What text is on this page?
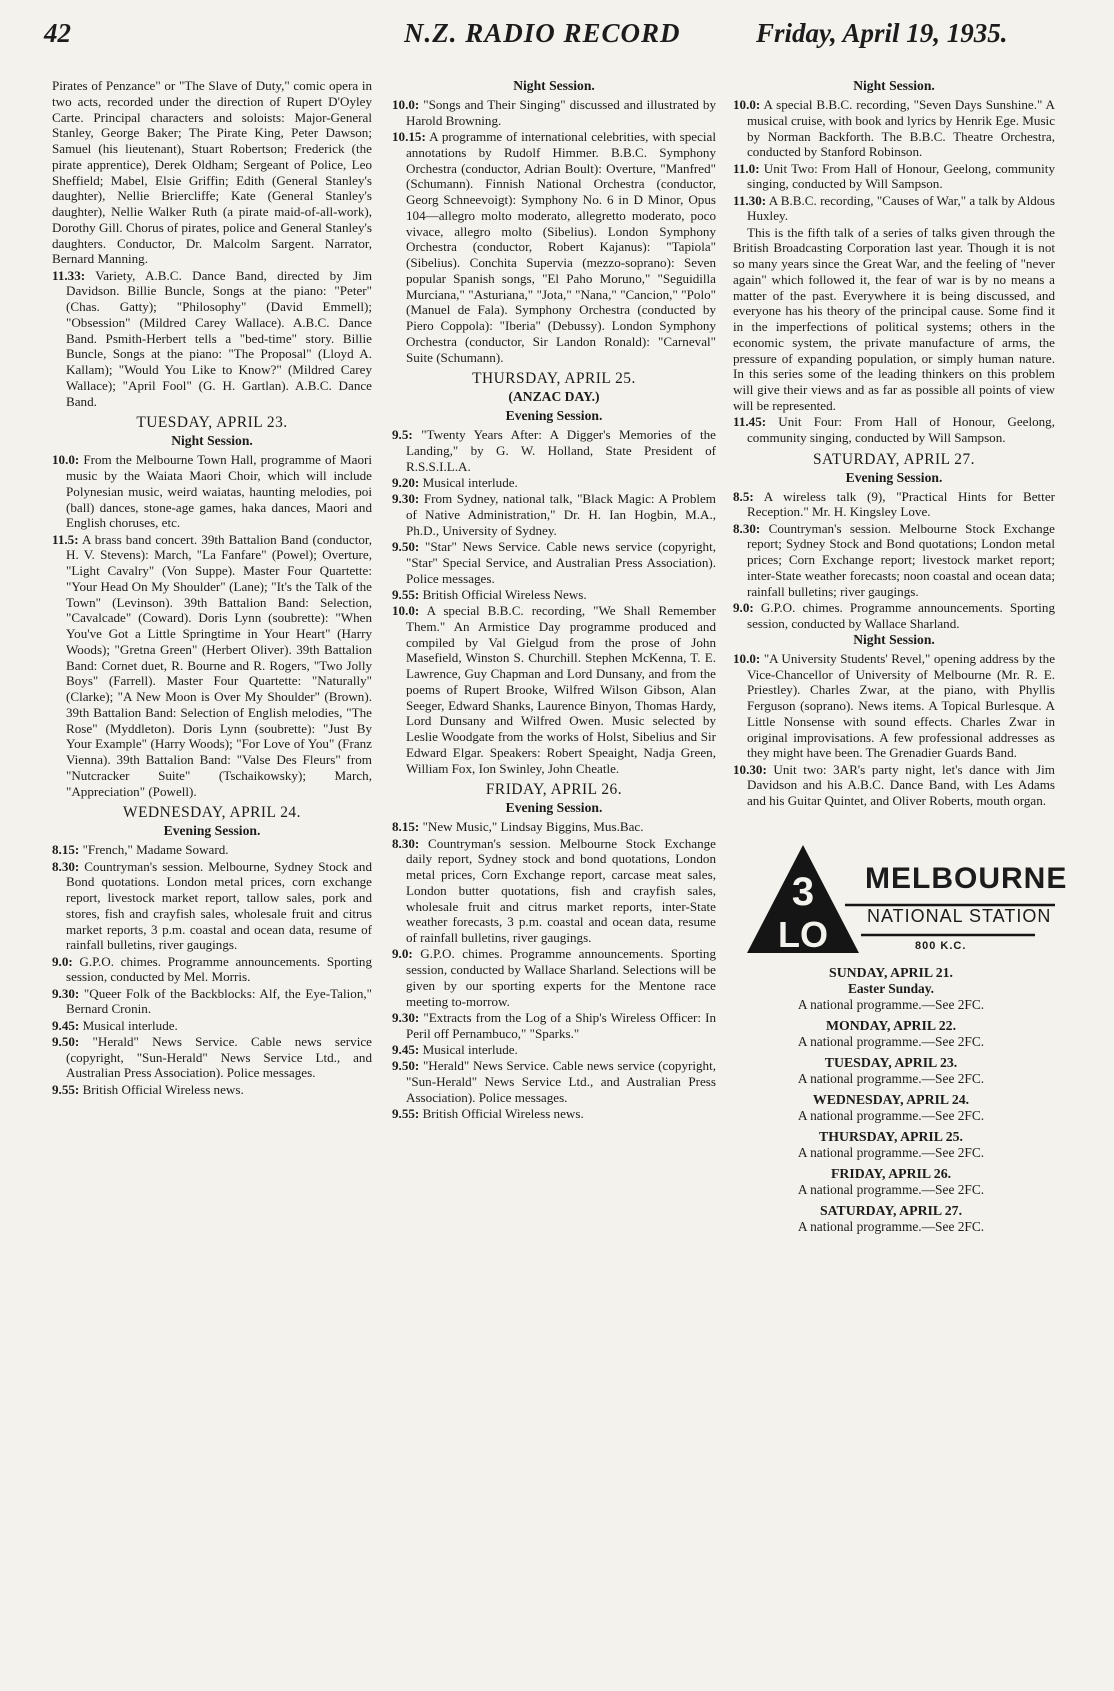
42	N.Z. RADIO RECORD	Friday, April 19, 1935.

Pirates of Penzance" or "The Slave of Duty," comic opera in two acts, recorded under the direction of Rupert D'Oyley Carte. Principal characters and soloists: Major-General Stanley, George Baker; The Pirate King, Peter Dawson; Samuel (his lieutenant), Stuart Robertson; Frederick (the pirate apprentice), Derek Oldham; Sergeant of Police, Leo Sheffield; Mabel, Elsie Griffin; Edith (General Stanley's daughter), Nellie Briercliffe; Kate (General Stanley's daughter), Nellie Walker Ruth (a pirate maid-of-all-work), Dorothy Gill. Chorus of pirates, police and General Stanley's daughters. Conductor, Dr. Malcolm Sargent. Narrator, Bernard Manning.

11.33: Variety, A.B.C. Dance Band, directed by Jim Davidson. Billie Buncle, Songs at the piano: "Peter" (Chas. Gatty); "Philosophy" (David Emmell); "Obsession" (Mildred Carey Wallace). A.B.C. Dance Band. Psmith-Herbert tells a "bed-time" story. Billie Buncle, Songs at the piano: "The Proposal" (Lloyd A. Kallam); "Would You Like to Know?" (Mildred Carey Wallace); "April Fool" (G. H. Gartlan). A.B.C. Dance Band.

TUESDAY, APRIL 23.
Night Session.

10.0: From the Melbourne Town Hall, programme of Maori music by the Waiata Maori Choir, which will include Polynesian music, weird waiatas, haunting melodies, poi (ball) dances, stone-age games, haka dances, Maori and English choruses, etc.

11.5: A brass band concert. 39th Battalion Band (conductor, H. V. Stevens): March, "La Fanfare" (Powel); Overture, "Light Cavalry" (Von Suppe). Master Four Quartette: "Your Head On My Shoulder" (Lane); "It's the Talk of the Town" (Levinson). 39th Battalion Band: Selection, "Cavalcade" (Coward). Doris Lynn (soubrette): "When You've Got a Little Springtime in Your Heart" (Harry Woods); "Gretna Green" (Herbert Oliver). 39th Battalion Band: Cornet duet, R. Bourne and R. Rogers, "Two Jolly Boys" (Farrell). Master Four Quartette: "Naturally" (Clarke); "A New Moon is Over My Shoulder" (Brown). 39th Battalion Band: Selection of English melodies, "The Rose" (Myddleton). Doris Lynn (soubrette): "Just By Your Example" (Harry Woods); "For Love of You" (Franz Vienna). 39th Battalion Band: "Valse Des Fleurs" from "Nutcracker Suite" (Tschaikowsky); March, "Appreciation" (Powell).

WEDNESDAY, APRIL 24.
Evening Session.

8.15: "French," Madame Soward.

8.30: Countryman's session. Melbourne, Sydney Stock and Bond quotations. London metal prices, corn exchange report, livestock market report, tallow sales, pork and stores, fish and crayfish sales, wholesale fruit and citrus market reports, 3 p.m. coastal and ocean data, resume of rainfall bulletins, river gaugings.

9.0: G.P.O. chimes. Programme announcements. Sporting session, conducted by Mel. Morris.

9.30: "Queer Folk of the Backblocks: Alf, the Eye-Talion," Bernard Cronin.

9.45: Musical interlude.

9.50: "Herald" News Service. Cable news service (copyright, "Sun-Herald" News Service Ltd., and Australian Press Association). Police messages.

9.55: British Official Wireless news.

Night Session.

10.0: "Songs and Their Singing" discussed and illustrated by Harold Browning.

10.15: A programme of international celebrities, with special annotations by Rudolf Himmer. B.B.C. Symphony Orchestra (conductor, Adrian Boult): Overture, "Manfred" (Schumann). Finnish National Orchestra (conductor, Georg Schneevoigt): Symphony No. 6 in D Minor, Opus 104—allegro molto moderato, allegretto moderato, poco vivace, allegro molto (Sibelius). London Symphony Orchestra (conductor, Robert Kajanus): "Tapiola" (Sibelius). Conchita Supervia (mezzo-soprano): Seven popular Spanish songs, "El Paho Moruno," "Seguidilla Murciana," "Asturiana," "Jota," "Nana," "Cancion," "Polo" (Manuel de Fala). Symphony Orchestra (conducted by Piero Coppola): "Iberia" (Debussy). London Symphony Orchestra (conductor, Sir Landon Ronald): "Carneval" Suite (Schumann).

THURSDAY, APRIL 25.
(ANZAC DAY.)
Evening Session.

9.5: "Twenty Years After: A Digger's Memories of the Landing," by G. W. Holland, State President of R.S.S.I.L.A.

9.20: Musical interlude.

9.30: From Sydney, national talk, "Black Magic: A Problem of Native Administration," Dr. H. Ian Hogbin, M.A., Ph.D., University of Sydney.

9.50: "Star" News Service. Cable news service (copyright, "Star" Special Service, and Australian Press Association). Police messages.

9.55: British Official Wireless News.

10.0: A special B.B.C. recording, "We Shall Remember Them." An Armistice Day programme produced and compiled by Val Gielgud from the prose of John Masefield, Winston S. Churchill. Stephen McKenna, T. E. Lawrence, Guy Chapman and Lord Dunsany, and from the poems of Rupert Brooke, Wilfred Wilson Gibson, Alan Seeger, Edward Shanks, Laurence Binyon, Thomas Hardy, Lord Dunsany and Wilfred Owen. Music selected by Leslie Woodgate from the works of Holst, Sibelius and Sir Edward Elgar. Speakers: Robert Speaight, Nadja Green, William Fox, Ion Swinley, John Cheatle.

FRIDAY, APRIL 26.
Evening Session.

8.15: "New Music," Lindsay Biggins, Mus.Bac.

8.30: Countryman's session. Melbourne Stock Exchange daily report, Sydney stock and bond quotations, London metal prices, Corn Exchange report, carcase meat sales, London butter quotations, fish and crayfish sales, wholesale fruit and citrus market reports, inter-State weather forecasts, 3 p.m. coastal and ocean data, resume of rainfall bulletins, river gaugings.

9.0: G.P.O. chimes. Programme announcements. Sporting session, conducted by Wallace Sharland. Selections will be given by our sporting experts for the Mentone race meeting to-morrow.

9.30: "Extracts from the Log of a Ship's Wireless Officer: In Peril off Pernambuco," "Sparks."

9.45: Musical interlude.

9.50: "Herald" News Service. Cable news service (copyright, "Sun-Herald" News Service Ltd., and Australian Press Association). Police messages.

9.55: British Official Wireless news.

Night Session.

10.0: A special B.B.C. recording, "Seven Days Sunshine." A musical cruise, with book and lyrics by Henrik Ege. Music by Norman Backforth. The B.B.C. Theatre Orchestra, conducted by Stanford Robinson.

11.0: Unit Two: From Hall of Honour, Geelong, community singing, conducted by Will Sampson.

11.30: A B.B.C. recording, "Causes of War," a talk by Aldous Huxley.

This is the fifth talk of a series of talks given through the British Broadcasting Corporation last year. Though it is not so many years since the Great War, and the feeling of "never again" which followed it, the fear of war is by no means a matter of the past. Everywhere it is being discussed, and everyone has his theory of the principal cause. Some find it in the imperfections of political systems; others in the economic system, the private manufacture of arms, the pressure of expanding population, or simply human nature. In this series some of the leading thinkers on this problem will give their views and as far as possible all points of view will be represented.

11.45: Unit Four: From Hall of Honour, Geelong, community singing, conducted by Will Sampson.

SATURDAY, APRIL 27.
Evening Session.

8.5: A wireless talk (9), "Practical Hints for Better Reception." Mr. H. Kingsley Love.

8.30: Countryman's session. Melbourne Stock Exchange report; Sydney Stock and Bond quotations; London metal prices; Corn Exchange report; livestock market report; inter-State weather forecasts; noon coastal and ocean data; rainfall bulletins; river gaugings.

9.0: G.P.O. chimes. Programme announcements. Sporting session, conducted by Wallace Sharland.

Night Session.

10.0: "A University Students' Revel," opening address by the Vice-Chancellor of University of Melbourne (Mr. R. E. Priestley). Charles Zwar, at the piano, with Phyllis Ferguson (soprano). News items. A Topical Burlesque. A Little Nonsense with sound effects. Charles Zwar in original improvisations. A few professional addresses as they might have been. The Grenadier Guards Band.

10.30: Unit two: 3AR's party night, let's dance with Jim Davidson and his A.B.C. Dance Band, with Les Adams and his Guitar Quintet, and Oliver Roberts, mouth organ.

3
LO
MELBOURNE
NATIONAL STATION
800 K.C.
SUNDAY, APRIL 21.
Easter Sunday.
A national programme.—See 2FC.
MONDAY, APRIL 22.
A national programme.—See 2FC.
TUESDAY, APRIL 23.
A national programme.—See 2FC.
WEDNESDAY, APRIL 24.
A national programme.—See 2FC.
THURSDAY, APRIL 25.
A national programme.—See 2FC.
FRIDAY, APRIL 26.
A national programme.—See 2FC.
SATURDAY, APRIL 27.
A national programme.—See 2FC.
